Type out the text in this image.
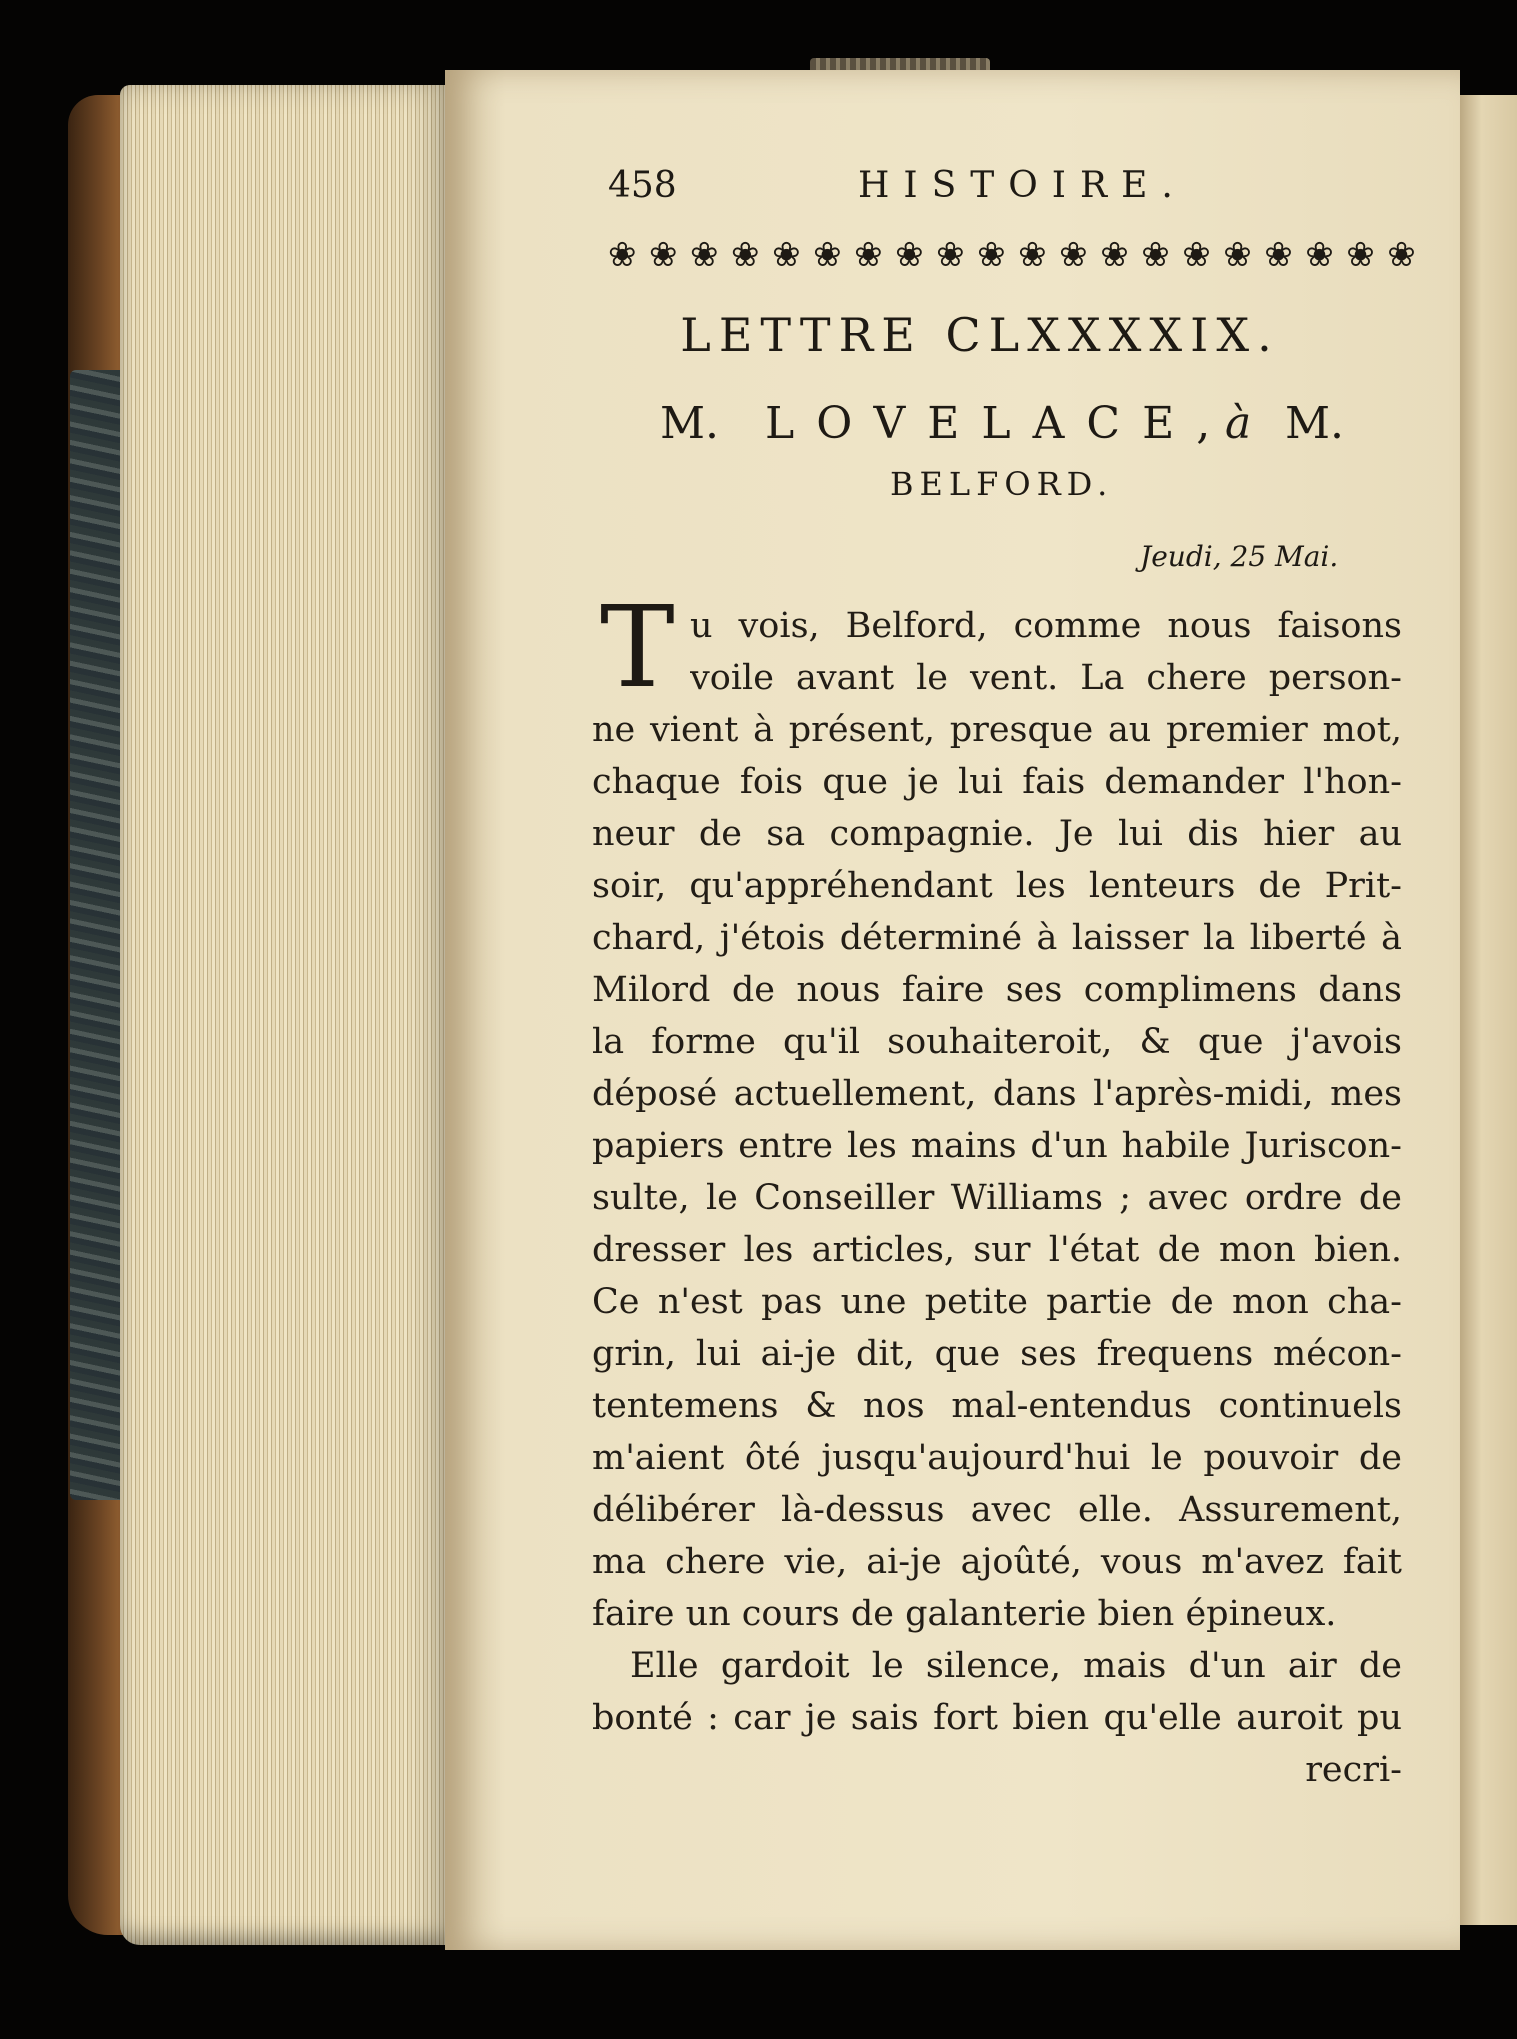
458	HISTOIRE.
❀ ❀ ❀ ❀ ❀ ❀ ❀ ❀ ❀ ❀ ❀ ❀ ❀ ❀ ❀ ❀ ❀ ❀ ❀ ❀
LETTRE CLXXXXIX.
M. LOVELACE,
à M.
BELFORD.
Jeudi, 25 Mai.
T u vois, Belford, comme nous faisons
voile avant le vent. La chere person-
ne vient à présent, presque au premier mot,
chaque fois que je lui fais demander l'hon-
neur de sa compagnie. Je lui dis hier au
soir, qu'appréhendant les lenteurs de Prit-
chard, j'étois déterminé à laisser la liberté à
Milord de nous faire ses complimens dans
la forme qu'il souhaiteroit, & que j'avois
déposé actuellement, dans l'après-midi, mes
papiers entre les mains d'un habile Juriscon-
sulte, le Conseiller Williams ; avec ordre de
dresser les articles, sur l'état de mon bien.
Ce n'est pas une petite partie de mon cha-
grin, lui ai-je dit, que ses frequens mécon-
tentemens & nos mal-entendus continuels
m'aient ôté jusqu'aujourd'hui le pouvoir de
délibérer là-dessus avec elle. Assurement,
ma chere vie, ai-je ajoûté, vous m'avez fait
faire un cours de galanterie bien épineux.
Elle gardoit le silence, mais d'un air de
bonté : car je sais fort bien qu'elle auroit pu
recri-
